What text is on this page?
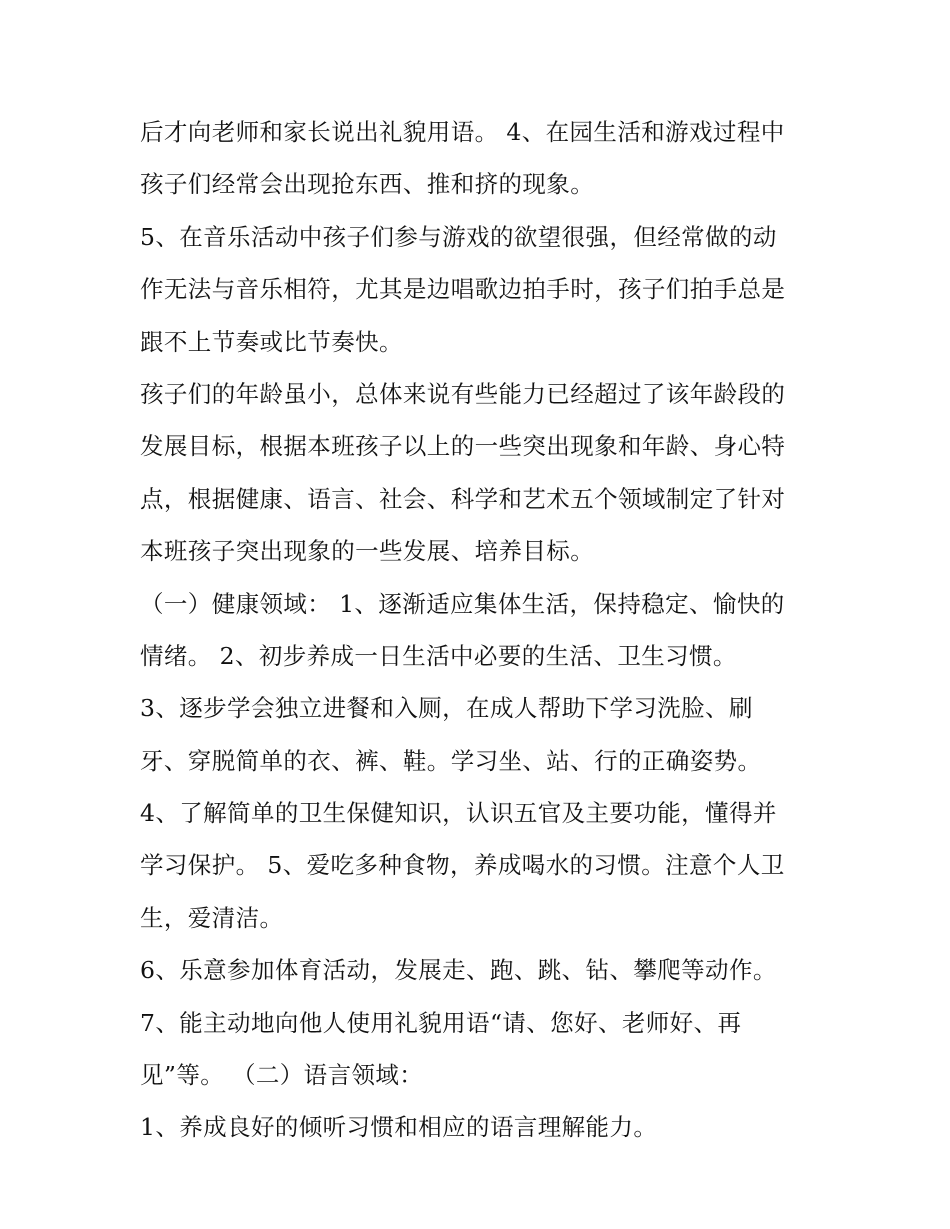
后才向老师和家长说出礼貌用语。 4、在园生活和游戏过程中
孩子们经常会出现抢东西、推和挤的现象。
5、在音乐活动中孩子们参与游戏的欲望很强，但经常做的动
作无法与音乐相符，尤其是边唱歌边拍手时，孩子们拍手总是
跟不上节奏或比节奏快。
孩子们的年龄虽小，总体来说有些能力已经超过了该年龄段的
发展目标，根据本班孩子以上的一些突出现象和年龄、身心特
点，根据健康、语言、社会、科学和艺术五个领域制定了针对
本班孩子突出现象的一些发展、培养目标。
（一）健康领域： 1、逐渐适应集体生活，保持稳定、愉快的
情绪。 2、初步养成一日生活中必要的生活、卫生习惯。
3、逐步学会独立进餐和入厕，在成人帮助下学习洗脸、刷
牙、穿脱简单的衣、裤、鞋。学习坐、站、行的正确姿势。
4、了解简单的卫生保健知识，认识五官及主要功能，懂得并
学习保护。 5、爱吃多种食物，养成喝水的习惯。注意个人卫
生，爱清洁。
6、乐意参加体育活动，发展走、跑、跳、钻、攀爬等动作。
7、能主动地向他人使用礼貌用语“请、您好、老师好、再
见”等。 （二）语言领域：
1、养成良好的倾听习惯和相应的语言理解能力。
